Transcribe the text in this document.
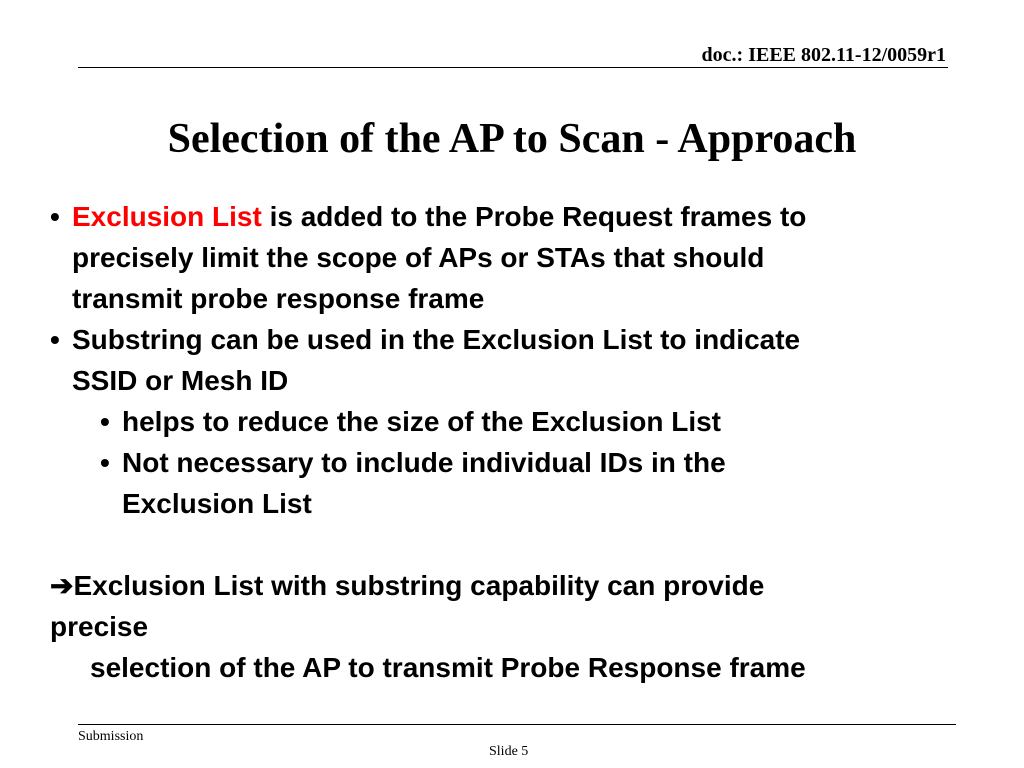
doc.: IEEE 802.11-12/0059r1
Selection of the AP to Scan - Approach
• Exclusion List is added to the Probe Request frames to
precisely limit the scope of APs or STAs that should
transmit probe response frame
• Substring can be used in the Exclusion List to indicate
SSID or Mesh ID
• helps to reduce the size of the Exclusion List
• Not necessary to include individual IDs in the
Exclusion List
➔Exclusion List with substring capability can provide
precise
selection of the AP to transmit Probe Response frame
Submission
Slide 5
